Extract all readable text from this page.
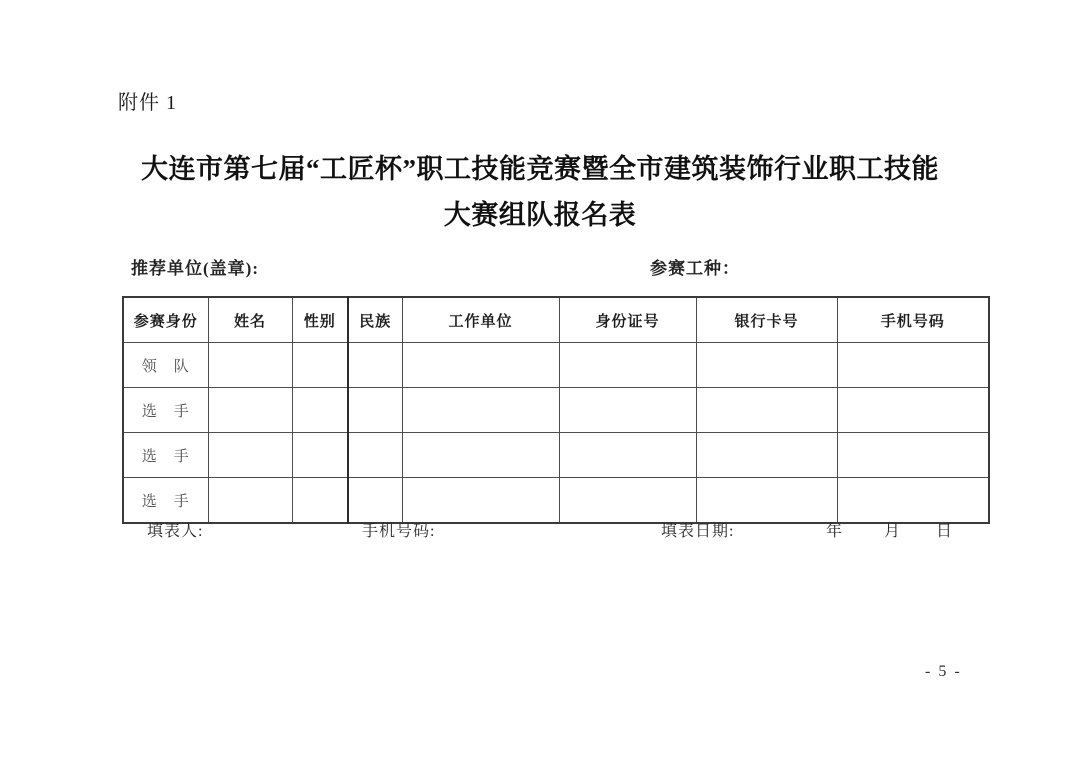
附件 1
大连市第七届“工匠杯”职工技能竞赛暨全市建筑装饰行业职工技能
大赛组队报名表
推荐单位(盖章):	参赛工种：
参赛身份	姓名	性别	民族	工作单位	身份证号	银行卡号	手机号码
领　队							
选　手							
选　手							
选　手							
填表人:	手机号码:	填表日期:	年	月 日
- 5 -
